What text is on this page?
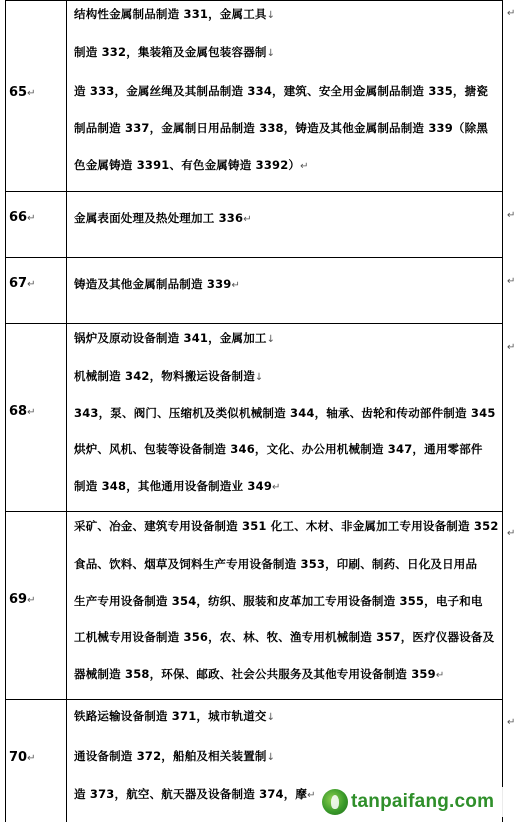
65↵
结构性金属制品制造 331，金属工具↓
制造 332，集装箱及金属包装容器制↓
造 333，金属丝绳及其制品制造 334，建筑、安全用金属制品制造 335，搪瓷
制品制造 337，金属制日用品制造 338，铸造及其他金属制品制造 339（除黑
色金属铸造 3391、有色金属铸造 3392）↵
66↵	金属表面处理及热处理加工 336↵
67↵	铸造及其他金属制品制造 339↵
68↵
锅炉及原动设备制造 341，金属加工↓
机械制造 342，物料搬运设备制造↓
343，泵、阀门、压缩机及类似机械制造 344，轴承、齿轮和传动部件制造 345
烘炉、风机、包装等设备制造 346，文化、办公用机械制造 347，通用零部件
制造 348，其他通用设备制造业 349↵
69↵
采矿、冶金、建筑专用设备制造 351 化工、木材、非金属加工专用设备制造 352
食品、饮料、烟草及饲料生产专用设备制造 353，印刷、制药、日化及日用品
生产专用设备制造 354，纺织、服装和皮革加工专用设备制造 355，电子和电
工机械专用设备制造 356，农、林、牧、渔专用机械制造 357，医疗仪器设备及
器械制造 358，环保、邮政、社会公共服务及其他专用设备制造 359↵
70↵
铁路运输设备制造 371，城市轨道交↓
通设备制造 372，船舶及相关装置制↓
造 373，航空、航天器及设备制造 374，摩↵
↵
↵
↵
↵
↵
↵
tanpaifang.com
